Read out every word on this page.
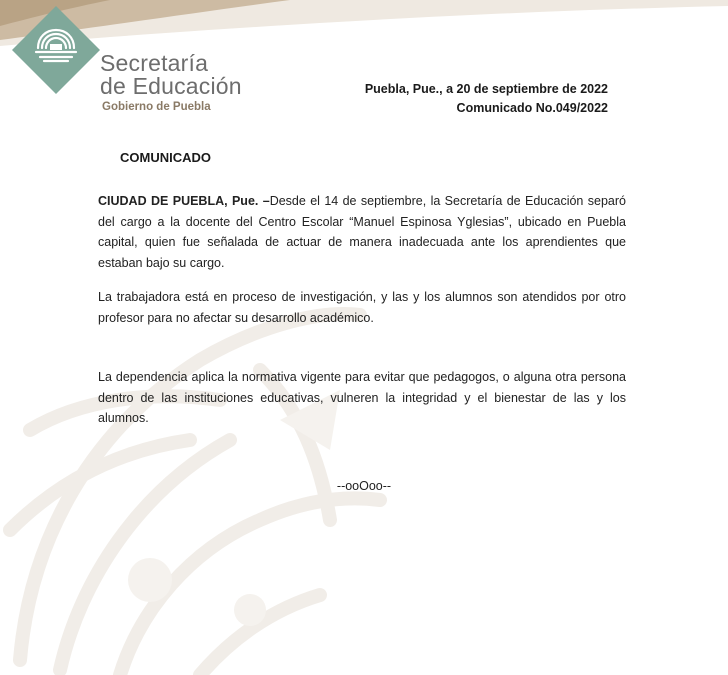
Secretaría
de Educación
Gobierno de Puebla
Puebla, Pue., a 20 de septiembre de 2022
Comunicado No.049/2022
COMUNICADO
CIUDAD DE PUEBLA, Pue. –Desde el 14 de septiembre, la Secretaría de Educación separó del cargo a la docente del Centro Escolar “Manuel Espinosa Yglesias”, ubicado en Puebla capital, quien fue señalada de actuar de manera inadecuada ante los aprendientes que estaban bajo su cargo.
La trabajadora está en proceso de investigación, y las y los alumnos son atendidos por otro profesor para no afectar su desarrollo académico.
La dependencia aplica la normativa vigente para evitar que pedagogos, o alguna otra persona dentro de las instituciones educativas, vulneren la integridad y el bienestar de las y los alumnos.
--ooOoo--
